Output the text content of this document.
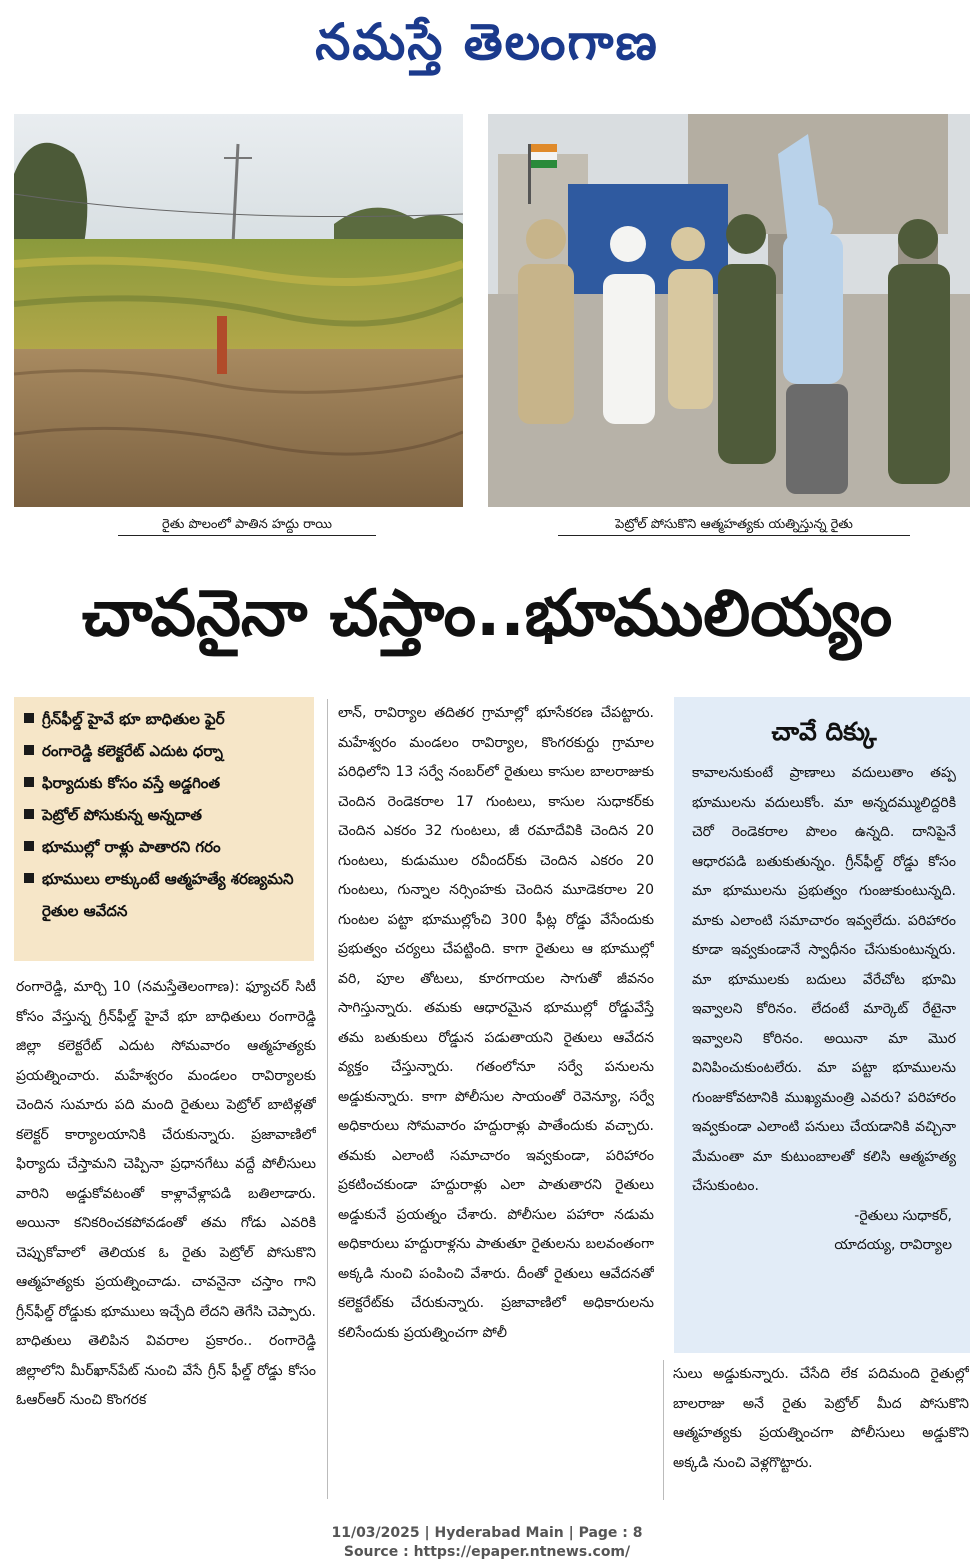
నమస్తే తెలంగాణ
రైతు పొలంలో పాతిన హద్దు రాయి	పెట్రోల్ పోసుకొని ఆత్మహత్యకు యత్నిస్తున్న రైతు
చావనైనా చస్తాం..భూములియ్యం
గ్రీన్‌ఫీల్డ్ హైవే భూ బాధితుల ఫైర్
రంగారెడ్డి కలెక్టరేట్ ఎదుట ధర్నా
ఫిర్యాదుకు కోసం వస్తే అడ్డగింత
పెట్రోల్ పోసుకున్న అన్నదాత
భూముల్లో రాళ్లు పాతారని గరం
భూములు లాక్కుంటే ఆత్మహత్యే శరణ్యమని రైతుల ఆవేదన

రంగారెడ్డి, మార్చి 10 (నమస్తేతెలంగాణ): ఫ్యూచర్ సిటీ కోసం వేస్తున్న గ్రీన్‌ఫీల్డ్ హైవే భూ బాధితులు రంగారెడ్డి జిల్లా కలెక్టరేట్ ఎదుట సోమవారం ఆత్మహత్యకు ప్రయత్నించారు. మహేశ్వరం మండలం రావిర్యాలకు చెందిన సుమారు పది మంది రైతులు పెట్రోల్ బాటిళ్లతో కలెక్టర్ కార్యాలయానికి చేరుకున్నారు. ప్రజావాణిలో ఫిర్యాదు చేస్తామని చెప్పినా ప్రధానగేటు వద్దే పోలీసులు వారిని అడ్డుకోవటంతో కాళ్లావేళ్లాపడి బతిలాడారు. అయినా కనికరించకపోవడంతో తమ గోడు ఎవరికి చెప్పుకోవాలో తెలియక ఓ రైతు పెట్రోల్ పోసుకొని ఆత్మహత్యకు ప్రయత్నించాడు. చావనైనా చస్తాం గాని గ్రీన్‌ఫీల్డ్ రోడ్డుకు భూములు ఇచ్చేది లేదని తెగేసి చెప్పారు. బాధితులు తెలిపిన వివరాల ప్రకారం.. రంగారెడ్డి జిల్లాలోని మీర్‌ఖాన్‌పేట్ నుంచి వేసే గ్రీన్ ఫీల్డ్ రోడ్డు కోసం ఓఆర్ఆర్ నుంచి కొంగరక

లాన్, రావిర్యాల తదితర గ్రామాల్లో భూసేకరణ చేపట్టారు. మహేశ్వరం మండలం రావిర్యాల, కొంగరకుర్దు గ్రామాల పరిధిలోని 13 సర్వే నంబర్‌లో రైతులు కాసుల బాలరాజుకు చెందిన రెండెకరాల 17 గుంటలు, కాసుల సుధాకర్‌కు చెందిన ఎకరం 32 గుంటలు, జీ రమాదేవికి చెందిన 20 గుంటలు, కుడుముల రవీందర్‌కు చెందిన ఎకరం 20 గుంటలు, గున్నాల నర్సింహకు చెందిన మూడెకరాల 20 గుంటల పట్టా భూముల్లోంచి 300 ఫీట్ల రోడ్డు వేసేందుకు ప్రభుత్వం చర్యలు చేపట్టింది. కాగా రైతులు ఆ భూముల్లో వరి, పూల తోటలు, కూరగాయల సాగుతో జీవనం సాగిస్తున్నారు. తమకు ఆధారమైన భూముల్లో రోడ్డువేస్తే తమ బతుకులు రోడ్డున పడుతాయని రైతులు ఆవేదన వ్యక్తం చేస్తున్నారు. గతంలోనూ సర్వే పనులను అడ్డుకున్నారు. కాగా పోలీసుల సాయంతో రెవెన్యూ, సర్వే అధికారులు సోమవారం హద్దురాళ్లు పాతేందుకు వచ్చారు. తమకు ఎలాంటి సమాచారం ఇవ్వకుండా, పరిహారం ప్రకటించకుండా హద్దురాళ్లు ఎలా పాతుతారని రైతులు అడ్డుకునే ప్రయత్నం చేశారు. పోలీసుల పహారా నడుమ అధికారులు హద్దురాళ్లను పాతుతూ రైతులను బలవంతంగా అక్కడి నుంచి పంపించి వేశారు. దీంతో రైతులు ఆవేదనతో కలెక్టరేట్‌కు చేరుకున్నారు. ప్రజావాణిలో అధికారులను కలిసేందుకు ప్రయత్నించగా పోలీ

చావే దిక్కు
కావాలనుకుంటే ప్రాణాలు వదులుతాం తప్ప భూములను వదులుకోం. మా అన్నదమ్ములిద్దరికి చెరో రెండెకరాల పొలం ఉన్నది. దానిపైనే ఆధారపడి బతుకుతున్నం. గ్రీన్‌ఫీల్డ్ రోడ్డు కోసం మా భూములను ప్రభుత్వం గుంజుకుంటున్నది. మాకు ఎలాంటి సమాచారం ఇవ్వలేదు. పరిహారం కూడా ఇవ్వకుండానే స్వాధీనం చేసుకుంటున్నరు. మా భూములకు బదులు వేరేచోట భూమి ఇవ్వాలని కోరినం. లేదంటే మార్కెట్ రేటైనా ఇవ్వాలని కోరినం. అయినా మా మొర వినిపించుకుంటలేరు. మా పట్టా భూములను గుంజుకోవటానికి ముఖ్యమంత్రి ఎవరు? పరిహారం ఇవ్వకుండా ఎలాంటి పనులు చేయడానికి వచ్చినా మేమంతా మా కుటుంబాలతో కలిసి ఆత్మహత్య చేసుకుంటం.
-రైతులు సుధాకర్,
యాదయ్య, రావిర్యాల

సులు అడ్డుకున్నారు. చేసేది లేక పదిమంది రైతుల్లో బాలరాజు అనే రైతు పెట్రోల్ మీద పోసుకొని ఆత్మహత్యకు ప్రయత్నించగా పోలీసులు అడ్డుకొని అక్కడి నుంచి వెళ్లగొట్టారు.

11/03/2025 | Hyderabad Main | Page : 8
Source : https://epaper.ntnews.com/
